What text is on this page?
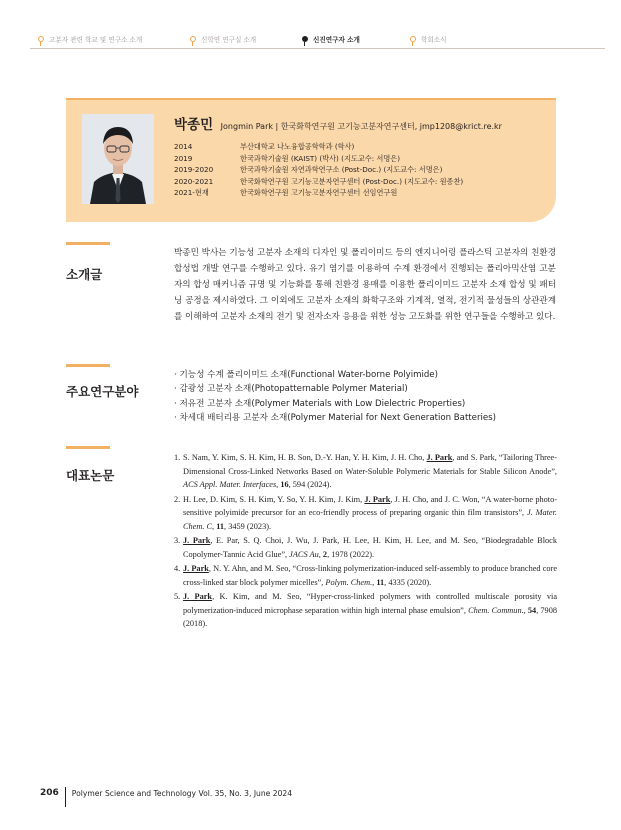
고분자 관련 학교 및 연구소 소개	신학연 연구실 소개	신진연구자 소개	학회소식
박종민 Jongmin Park | 한국화학연구원 고기능고분자연구센터, jmp1208@krict.re.kr
2014	부산대학교 나노융합공학학과 (학사)
2019	한국과학기술원 (KAIST) (박사) (지도교수: 서명은)
2019-2020	한국과학기술원 자연과학연구소 (Post-Doc.) (지도교수: 서명은)
2020-2021	한국화학연구원 고기능고분자연구센터 (Post-Doc.) (지도교수: 원종찬)
2021-현재	한국화학연구원 고기능고분자연구센터 선임연구원
소개글
박종민 박사는 기능성 고분자 소재의 디자인 및 폴리이미드 등의 엔지니어링 플라스틱 고분자의 친환경 합성법 개발 연구를 수행하고 있다. 유기 염기를 이용하여 수계 환경에서 진행되는 폴리아믹산염 고분자의 합성 매커니즘 규명 및 기능화를 통해 친환경 용매를 이용한 폴리이미드 고분자 소재 합성 및 패터닝 공정을 제시하였다. 그 이외에도 고분자 소재의 화학구조와 기계적, 열적, 전기적 물성들의 상관관계를 이해하여 고분자 소재의 전기 및 전자소자 응용을 위한 성능 고도화를 위한 연구들을 수행하고 있다.
주요연구분야
· 기능성 수계 폴리이미드 소재(Functional Water-borne Polyimide)
· 감광성 고분자 소재(Photopatternable Polymer Material)
· 저유전 고분자 소재(Polymer Materials with Low Dielectric Properties)
· 차세대 배터리용 고분자 소재(Polymer Material for Next Generation Batteries)
대표논문
1. S. Nam, Y. Kim, S. H. Kim, H. B. Son, D.-Y. Han, Y. H. Kim, J. H. Cho, J. Park, and S. Park, “Tailoring Three-Dimensional Cross-Linked Networks Based on Water-Soluble Polymeric Materials for Stable Silicon Anode”, ACS Appl. Mater. Interfaces, 16, 594 (2024).
2. H. Lee, D. Kim, S. H. Kim, Y. So, Y. H. Kim, J. Kim, J. Park, J. H. Cho, and J. C. Won, “A water-borne photo-sensitive polyimide precursor for an eco-friendly process of preparing organic thin film transistors”, J. Mater. Chem. C, 11, 3459 (2023).
3. J. Park, E. Par, S. Q. Choi, J. Wu, J. Park, H. Lee, H. Kim, H. Lee, and M. Seo, “Biodegradable Block Copolymer-Tannic Acid Glue”, JACS Au, 2, 1978 (2022).
4. J. Park, N. Y. Ahn, and M. Seo, “Cross-linking polymerization-induced self-assembly to produce branched core cross-linked star block polymer micelles”, Polym. Chem., 11, 4335 (2020).
5. J. Park, K. Kim, and M. Seo, “Hyper-cross-linked polymers with controlled multiscale porosity via polymerization-induced microphase separation within high internal phase emulsion”, Chem. Commun., 54, 7908 (2018).
206 Polymer Science and Technology Vol. 35, No. 3, June 2024
